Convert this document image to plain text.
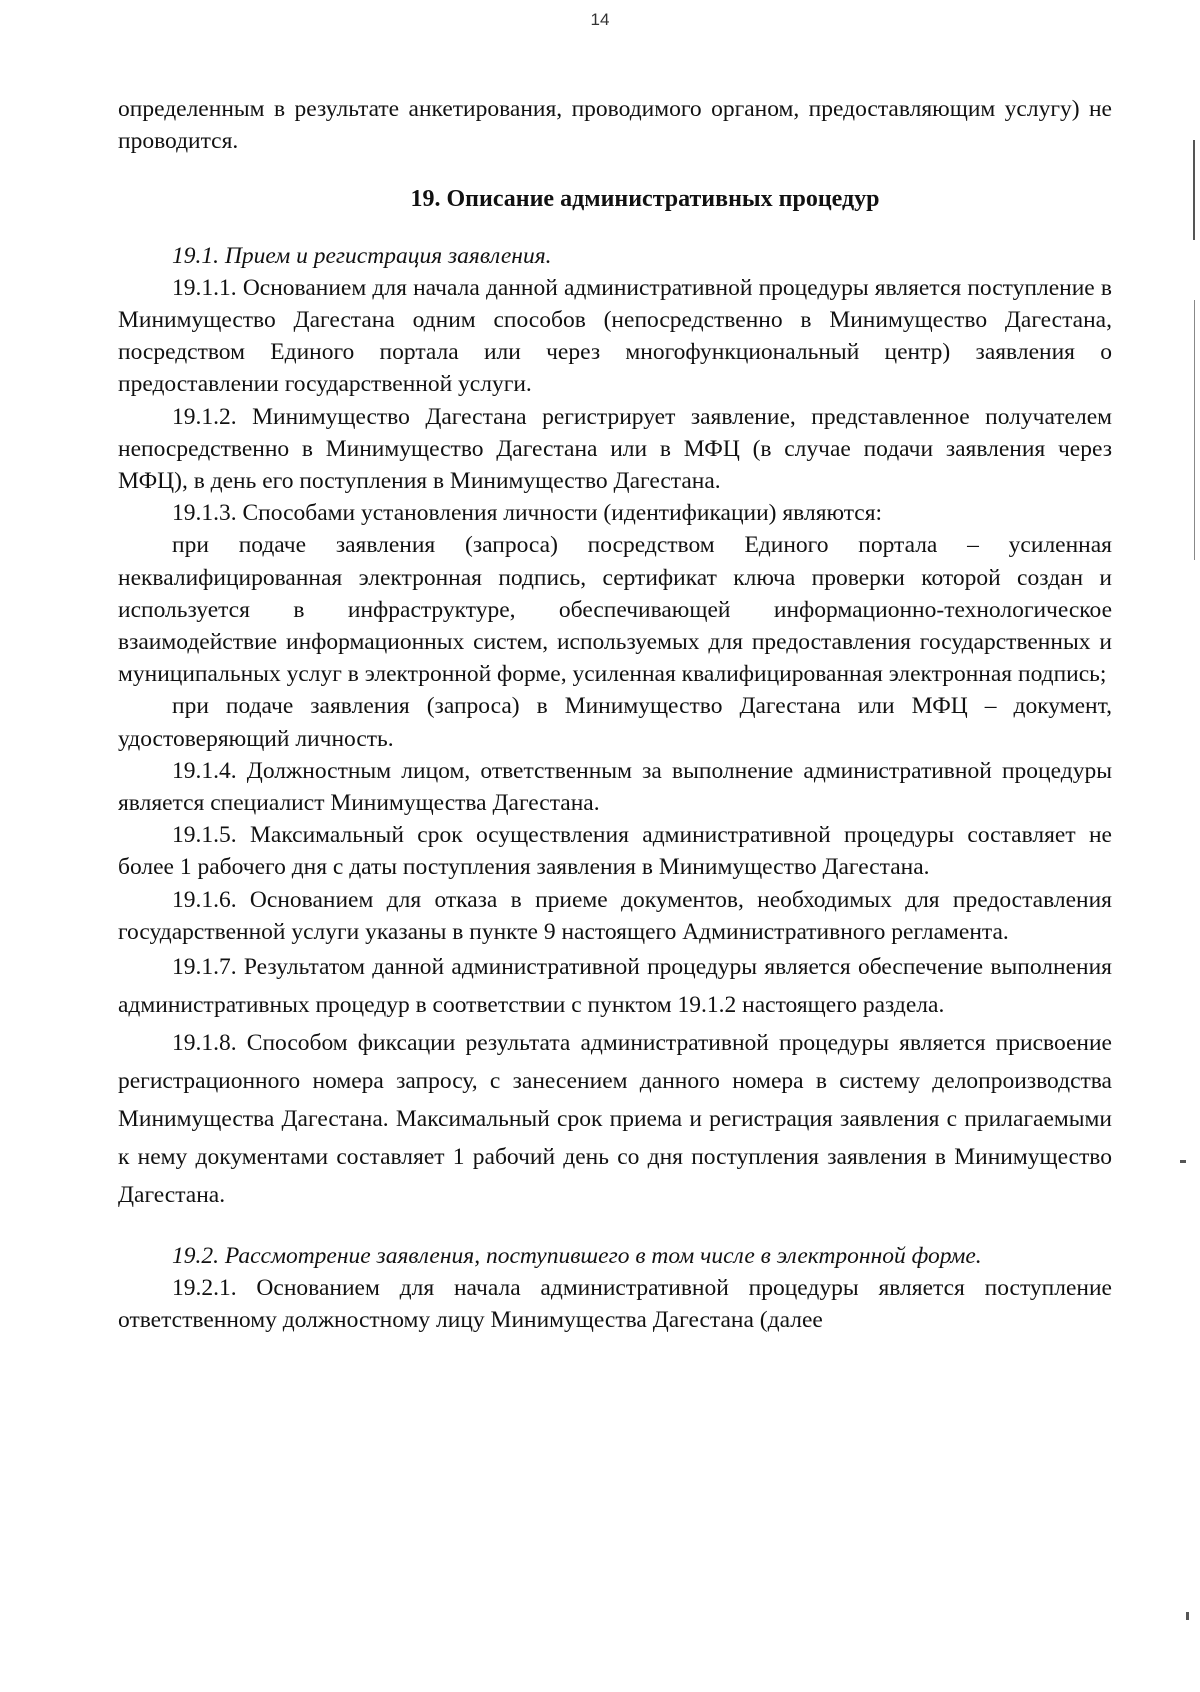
14

определенным в результате анкетирования, проводимого органом, предоставляющим услугу) не проводится.

19. Описание административных процедур

19.1. Прием и регистрация заявления.

19.1.1. Основанием для начала данной административной процедуры является поступление в Минимущество Дагестана одним способов (непосредственно в Минимущество Дагестана, посредством Единого портала или через многофункциональный центр) заявления о предоставлении государственной услуги.

19.1.2. Минимущество Дагестана регистрирует заявление, представленное получателем непосредственно в Минимущество Дагестана или в МФЦ (в случае подачи заявления через МФЦ), в день его поступления в Минимущество Дагестана.

19.1.3. Способами установления личности (идентификации) являются:

при подаче заявления (запроса) посредством Единого портала – усиленная неквалифицированная электронная подпись, сертификат ключа проверки которой создан и используется в инфраструктуре, обеспечивающей информационно-технологическое взаимодействие информационных систем, используемых для предоставления государственных и муниципальных услуг в электронной форме, усиленная квалифицированная электронная подпись;

при подаче заявления (запроса) в Минимущество Дагестана или МФЦ – документ, удостоверяющий личность.

19.1.4. Должностным лицом, ответственным за выполнение административной процедуры является специалист Минимущества Дагестана.

19.1.5. Максимальный срок осуществления административной процедуры составляет не более 1 рабочего дня с даты поступления заявления в Минимущество Дагестана.

19.1.6. Основанием для отказа в приеме документов, необходимых для предоставления государственной услуги указаны в пункте 9 настоящего Административного регламента.

19.1.7. Результатом данной административной процедуры является обеспечение выполнения административных процедур в соответствии с пунктом 19.1.2 настоящего раздела.

19.1.8. Способом фиксации результата административной процедуры является присвоение регистрационного номера запросу, с занесением данного номера в систему делопроизводства Минимущества Дагестана. Максимальный срок приема и регистрация заявления с прилагаемыми к нему документами составляет 1 рабочий день со дня поступления заявления в Минимущество Дагестана.

19.2. Рассмотрение заявления, поступившего в том числе в электронной форме.

19.2.1. Основанием для начала административной процедуры является поступление ответственному должностному лицу Минимущества Дагестана (далее
